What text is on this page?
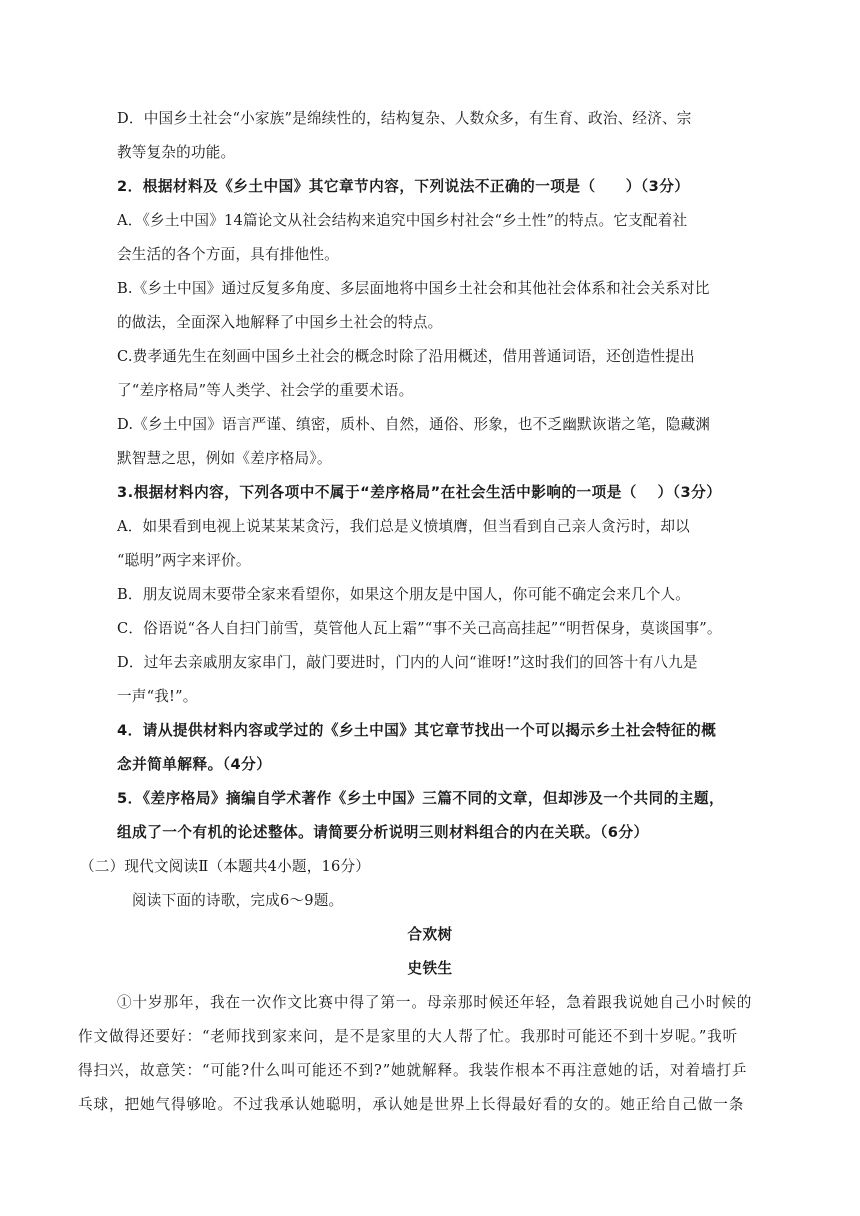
D．中国乡土社会“小家族”是绵续性的，结构复杂、人数众多，有生育、政治、经济、宗
教等复杂的功能。
2．根据材料及《乡土中国》其它章节内容，下列说法不正确的一项是（　　）（3分）
A．《乡土中国》14篇论文从社会结构来追究中国乡村社会“乡土性”的特点。它支配着社
会生活的各个方面，具有排他性。
B.《乡土中国》通过反复多角度、多层面地将中国乡土社会和其他社会体系和社会关系对比
的做法，全面深入地解释了中国乡土社会的特点。
C.费孝通先生在刻画中国乡土社会的概念时除了沿用概述，借用普通词语，还创造性提出
了“差序格局”等人类学、社会学的重要术语。
D.《乡土中国》语言严谨、缜密，质朴、自然，通俗、形象，也不乏幽默诙谐之笔，隐藏渊
默智慧之思，例如《差序格局》。
3.根据材料内容，下列各项中不属于“差序格局”在社会生活中影响的一项是（　 ）（3分）
A．如果看到电视上说某某某贪污，我们总是义愤填膺，但当看到自己亲人贪污时，却以
“聪明”两字来评价。
B．朋友说周末要带全家来看望你，如果这个朋友是中国人，你可能不确定会来几个人。
C．俗语说“各人自扫门前雪，莫管他人瓦上霜”“事不关己高高挂起”“明哲保身，莫谈国事”。
D．过年去亲戚朋友家串门，敲门要进时，门内的人问“谁呀!”这时我们的回答十有八九是
一声“我!”。
4．请从提供材料内容或学过的《乡土中国》其它章节找出一个可以揭示乡土社会特征的概
念并简单解释。（4分）
5．《差序格局》摘编自学术著作《乡土中国》三篇不同的文章，但却涉及一个共同的主题，
组成了一个有机的论述整体。请简要分析说明三则材料组合的内在关联。（6分）
（二）现代文阅读Ⅱ（本题共4小题，16分）
阅读下面的诗歌，完成6～9题。
合欢树
史铁生
①十岁那年，我在一次作文比赛中得了第一。母亲那时候还年轻，急着跟我说她自己小时候的
作文做得还要好：“老师找到家来问，是不是家里的大人帮了忙。我那时可能还不到十岁呢。”我听
得扫兴，故意笑：“可能?什么叫可能还不到?”她就解释。我装作根本不再注意她的话，对着墙打乒
乓球，把她气得够呛。不过我承认她聪明，承认她是世界上长得最好看的女的。她正给自己做一条
